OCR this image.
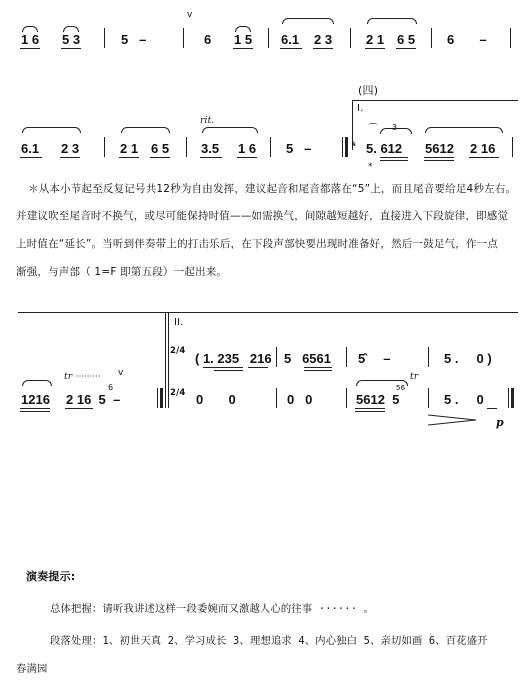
1 6 5 3	5   –
v
6 1 5 6.1 2 3	2 1 6 5 6       –
(四)
I.
6.1 2 3	2 1 6 5
rit.
3.5 1 6 5   –	𝄋 5. 612
*
⌒ 3
5612 2 16
＊从本小节起至反复记号共12秒为自由发挥，建议起音和尾音都落在“5”上，而且尾音要给足4秒左右。
并建议吹至尾音时不换气，或尽可能保持时值——如需换气，间隙越短越好，直接进入下段旋律，即感觉
上时值在“延长”。当听到伴奏带上的打击乐后，在下段声部快要出现时准备好，然后一鼓足气，作一点
渐强，与声部（ 1=F 即第五段）一起出来。
II.
2/4 ( 1. 235   216 5   6561 5̂     –	5 .     0 )
tr ········· v
1216
6
2 16  5  –	2/4 0       0	0   0	5612  5
tr
56
5 .     0
p
演奏提示:
总体把握：请听我讲述这样一段委婉而又激越人心的往事 ······ 。
段落处理：1、初世天真 2、学习成长 3、理想追求 4、内心独白 5、亲切如画 6、百花盛开
春满园
